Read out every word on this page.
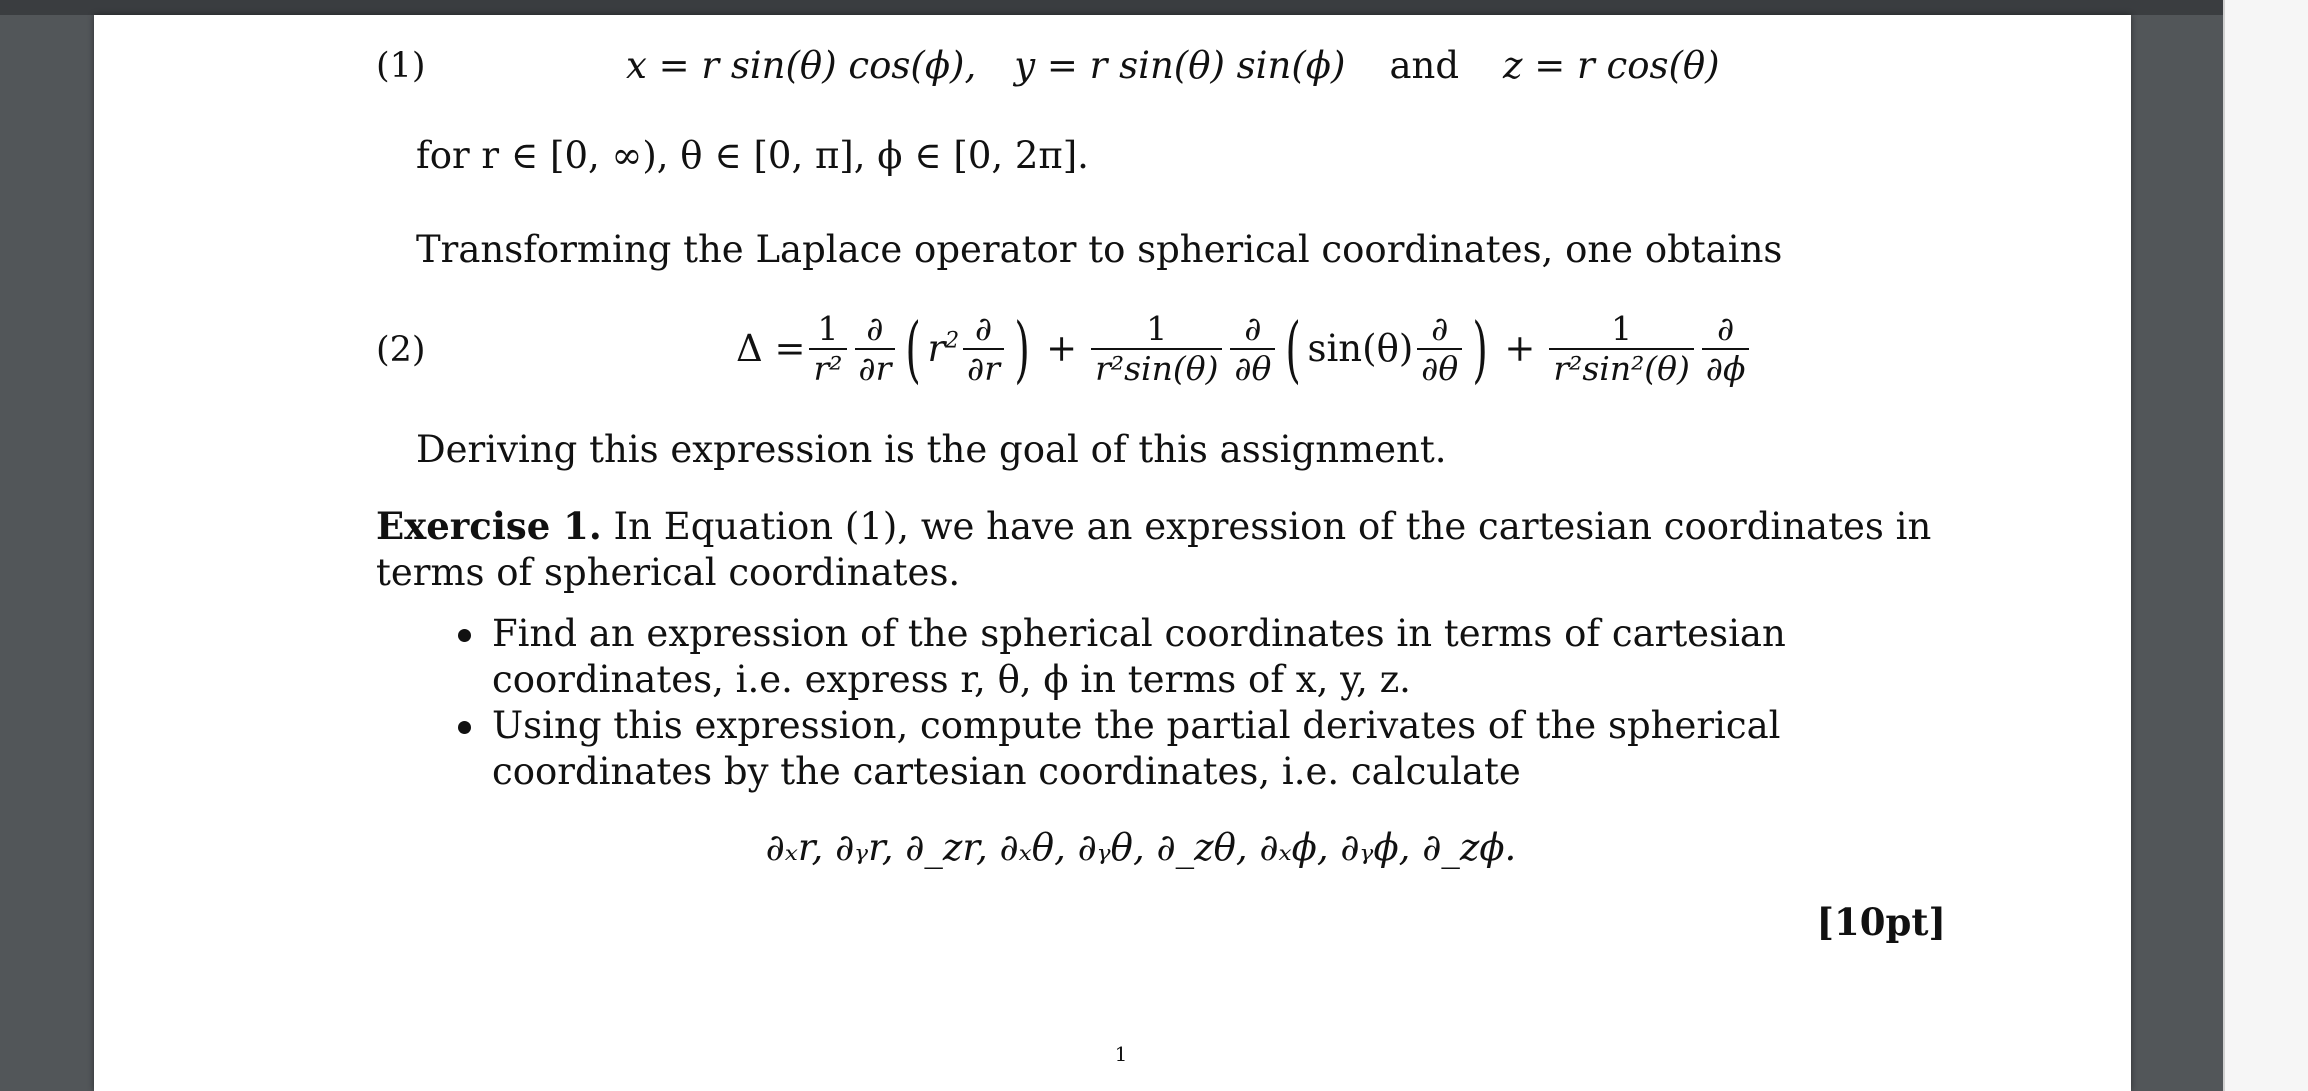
(1)	x = r sin(θ) cos(ϕ), y = r sin(θ) sin(ϕ) and z = r cos(θ)
for r ∈ [0, ∞), θ ∈ [0, π], ϕ ∈ [0, 2π].
Transforming the Laplace operator to spherical coordinates, one obtains
(2)	$\Delta = \frac{1}{\text{r²}} \frac{\partial}{\partial r}$ ( $r^2 \frac{\partial}{\partial r}$ ) + $\frac{1}{\text{r²sin(θ)}} \frac{\partial}{\partial\theta}$ ( $\sin(\theta) \frac{\partial}{\partial\theta}$ ) + $\frac{1}{\text{r²sin²(θ)}} \frac{\partial}{\partial\phi}$
Deriving this expression is the goal of this assignment.
Exercise 1. In Equation (1), we have an expression of the cartesian coordinates in terms of spherical coordinates.
Find an expression of the spherical coordinates in terms of cartesian coordinates, i.e. express r, θ, ϕ in terms of x, y, z.
Using this expression, compute the partial derivates of the spherical coordinates by the cartesian coordinates, i.e. calculate
∂ₓr, ∂ᵧr, ∂_zr, ∂ₓθ, ∂ᵧθ, ∂_zθ, ∂ₓϕ, ∂ᵧϕ, ∂_zϕ.
[10pt]
1
